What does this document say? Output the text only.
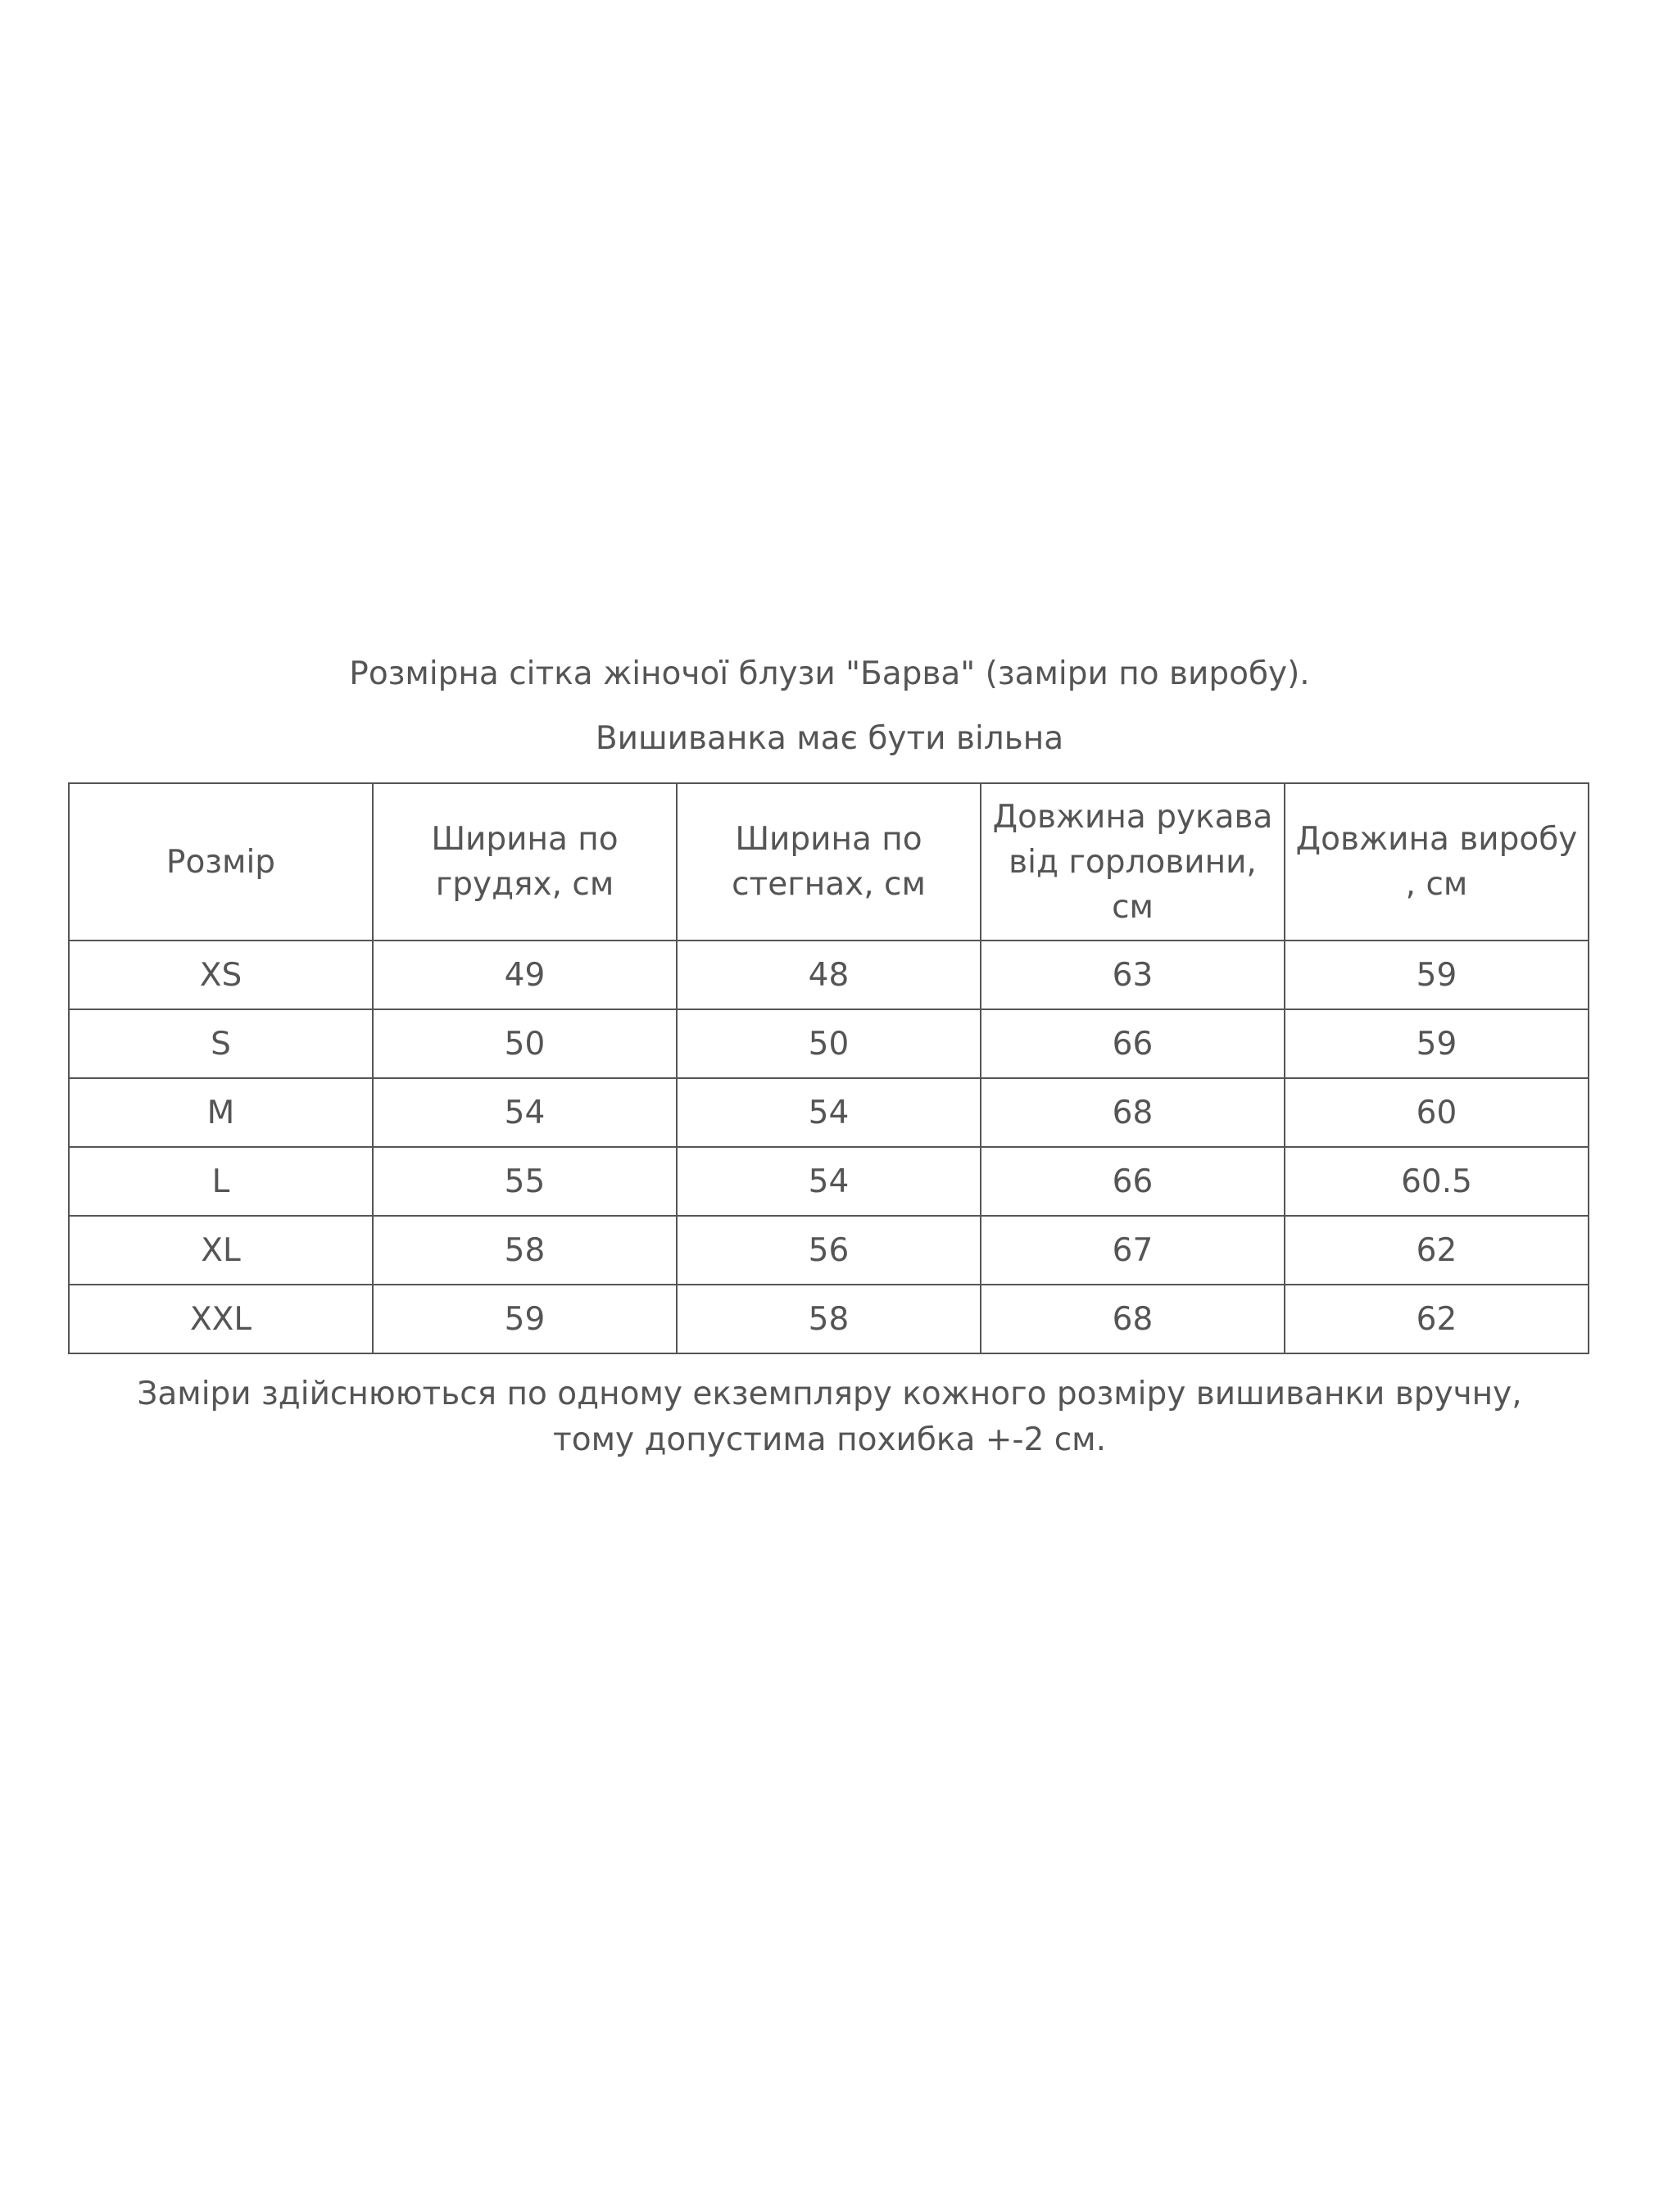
Розмірна сітка жіночої блузи "Барва" (заміри по виробу).
Вишиванка має бути вільна
Розмір	Ширина по грудях, см	Ширина по стегнах, см	Довжина рукава від горловини, см	Довжина виробу , см
XS	49	48	63	59
S	50	50	66	59
M	54	54	68	60
L	55	54	66	60.5
XL	58	56	67	62
XXL	59	58	68	62
Заміри здійснюються по одному екземпляру кожного розміру вишиванки вручну, тому допустима похибка +-2 см.
